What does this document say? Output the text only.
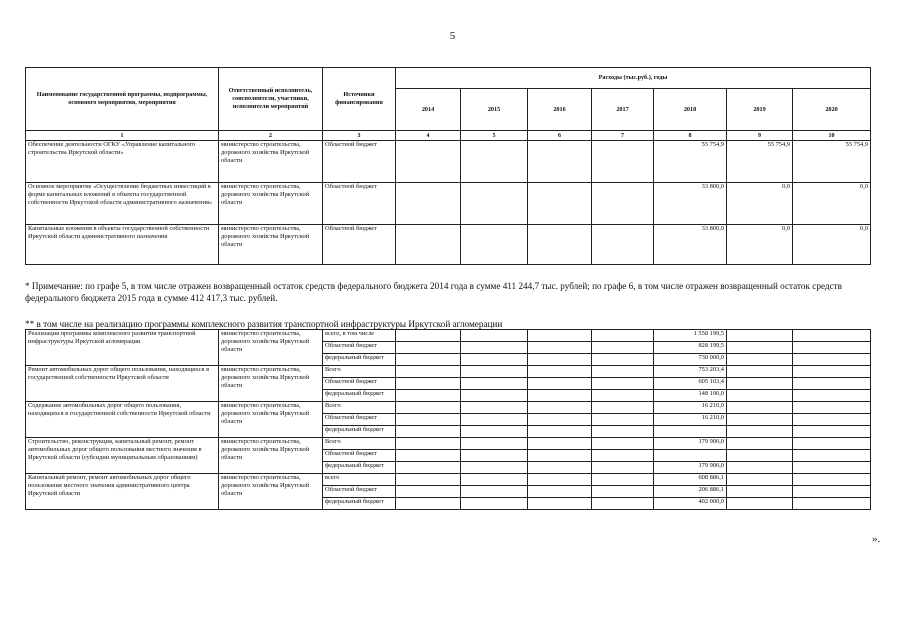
5
Наименование государственной программы, подпрограммы, основного мероприятия, мероприятия	Ответственный исполнитель, соисполнители, участники, исполнители мероприятий	Источники финансирования	Расходы (тыс.руб.), годы						
			2014	2015	2016	2017	2018	2019	2020
1	2	3	4	5	6	7	8	9	10
Обеспечение деятельности ОГКУ «Управление капитального строительства Иркутской области»	министерство строительства, дорожного хозяйства Иркутской области	Областной бюджет					55 754,9	55 754,9	55 754,9
Основное мероприятие «Осуществление бюджетных инвестиций в форме капитальных вложений в объекты государственной собственности Иркутской области административного назначения»	министерство строительства, дорожного хозяйства Иркутской области	Областной бюджет					33 800,0	0,0	0,0
Капитальные вложения в объекты государственной собственности Иркутской области административного назначения	министерство строительства, дорожного хозяйства Иркутской области	Областной бюджет					33 800,0	0,0	0,0
* Примечание: по графе 5, в том числе отражен возвращенный остаток средств федерального бюджета 2014 года в сумме 411 244,7 тыс. рублей; по графе 6, в том числе отражен возвращенный остаток средств федерального бюджета 2015 года в сумме 412 417,3 тыс. рублей.
** в том числе на реализацию программы комплексного развития транспортной инфраструктуры Иркутской агломерации
Реализация программы комплексного развития транспортной инфраструктуры Иркутской агломерации	министерство строительства, дорожного хозяйства Иркутской области	всего, в том числе					1 558 199,5		
		Областной бюджет					828 199,5		
		федеральный бюджет					730 000,0		
Ремонт автомобильных дорог общего пользования, находящихся в государственной собственности Иркутской области	министерство строительства, дорожного хозяйства Иркутской области	Всего					753 203,4		
		Областной бюджет					605 103,4		
		федеральный бюджет					148 100,0		
Содержание автомобильных дорог общего пользования, находящихся в государственной собственности Иркутской области	министерство строительства, дорожного хозяйства Иркутской области	Всего					16 210,0		
		Областной бюджет					16 210,0		
		федеральный бюджет							
Строительство, реконструкция, капитальный ремонт, ремонт автомобильных дорог общего пользования местного значения в Иркутской области (субсидии муниципальным образованиям)	министерство строительства, дорожного хозяйства Иркутской области	Всего					179 900,0		
		Областной бюджет							
		федеральный бюджет					179 900,0		
Капитальный ремонт, ремонт автомобильных дорог общего пользования местного значения административного центра Иркутской области	министерство строительства, дорожного хозяйства Иркутской области	всего					608 886,1		
		Областной бюджет					206 886,1		
		федеральный бюджет					402 000,0		
».
